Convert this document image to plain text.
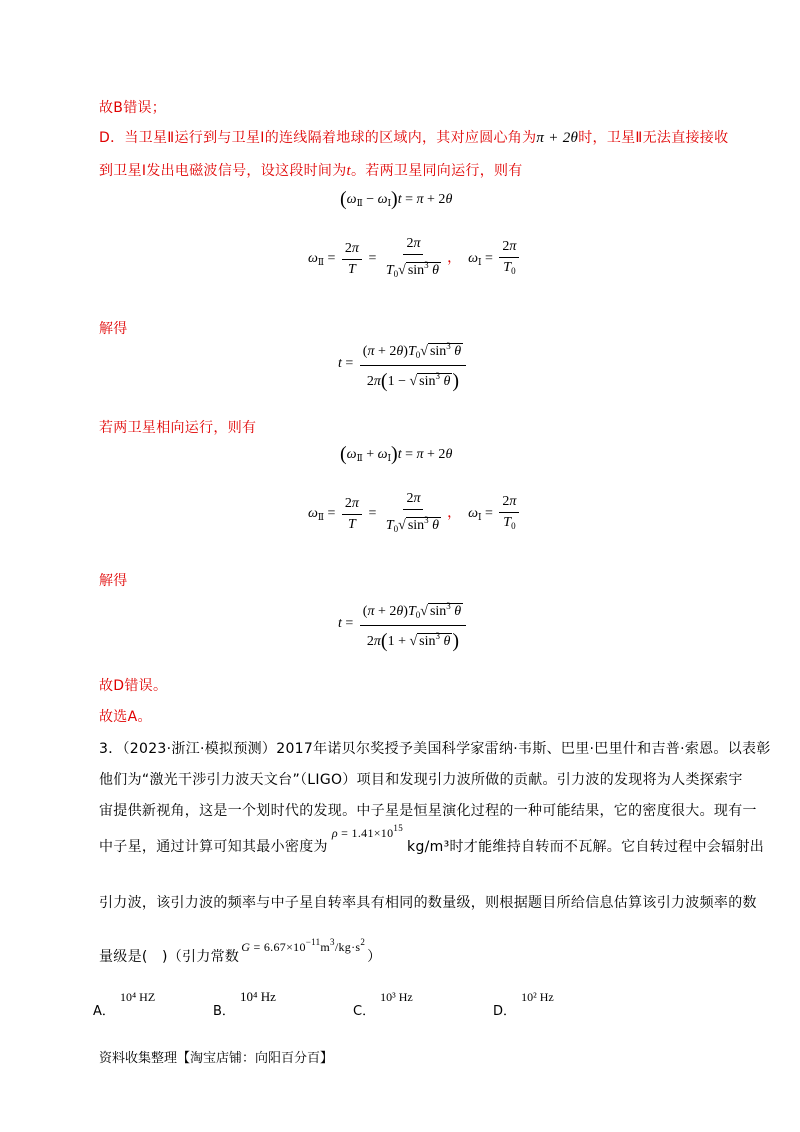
故B错误；
D．当卫星Ⅱ运行到与卫星Ⅰ的连线隔着地球的区域内，其对应圆心角为π + 2θ时，卫星Ⅱ无法直接接收
到卫星Ⅰ发出电磁波信号，设这段时间为t。若两卫星同向运行，则有
$(\omega_Ⅱ - \omega_Ⅰ)t = \pi + 2\theta$
$\omega_Ⅱ = \frac{2\pi}{T} = \frac{2\pi}{T_0√ \sin^3 \theta}$ ， $\omega_Ⅰ = \frac{2\pi}{T_0}$
解得
$t = \frac{(\pi + 2\theta)T_0√ \sin^3 \theta}{2\pi(1 - √ \sin^3 \theta )}$
若两卫星相向运行，则有
$(\omega_Ⅱ + \omega_Ⅰ)t = \pi + 2\theta$
$\omega_Ⅱ = \frac{2\pi}{T} = \frac{2\pi}{T_0√ \sin^3 \theta}$ ， $\omega_Ⅰ = \frac{2\pi}{T_0}$
解得
$t = \frac{(\pi + 2\theta)T_0√ \sin^3 \theta}{2\pi(1 + √ \sin^3 \theta )}$
故D错误。
故选A。
3．（2023·浙江·模拟预测）2017年诺贝尔奖授予美国科学家雷纳·韦斯、巴里·巴里什和吉普·索恩。以表彰
他们为“激光干涉引力波天文台”（LIGO）项目和发现引力波所做的贡献。引力波的发现将为人类探索宇
宙提供新视角，这是一个划时代的发现。中子星是恒星演化过程的一种可能结果，它的密度很大。现有一
中子星，通过计算可知其最小密度为$\rho = 1.41\times 10^{15}kg/m^3$时才能维持自转而不瓦解。它自转过程中会辐射出
引力波，该引力波的频率与中子星自转率具有相同的数量级，则根据题目所给信息估算该引力波频率的数
量级是(　)（引力常数$G = 6.67\times 10^{-11}m^3/kg\cdot s^2$）
$_{A.}$ 10⁴ HZ
$_{B.}$ 10⁴ Hz
$_{C.}$ 10³ Hz
$_{D.}$ 10² Hz
资料收集整理【淘宝店铺：向阳百分百】
